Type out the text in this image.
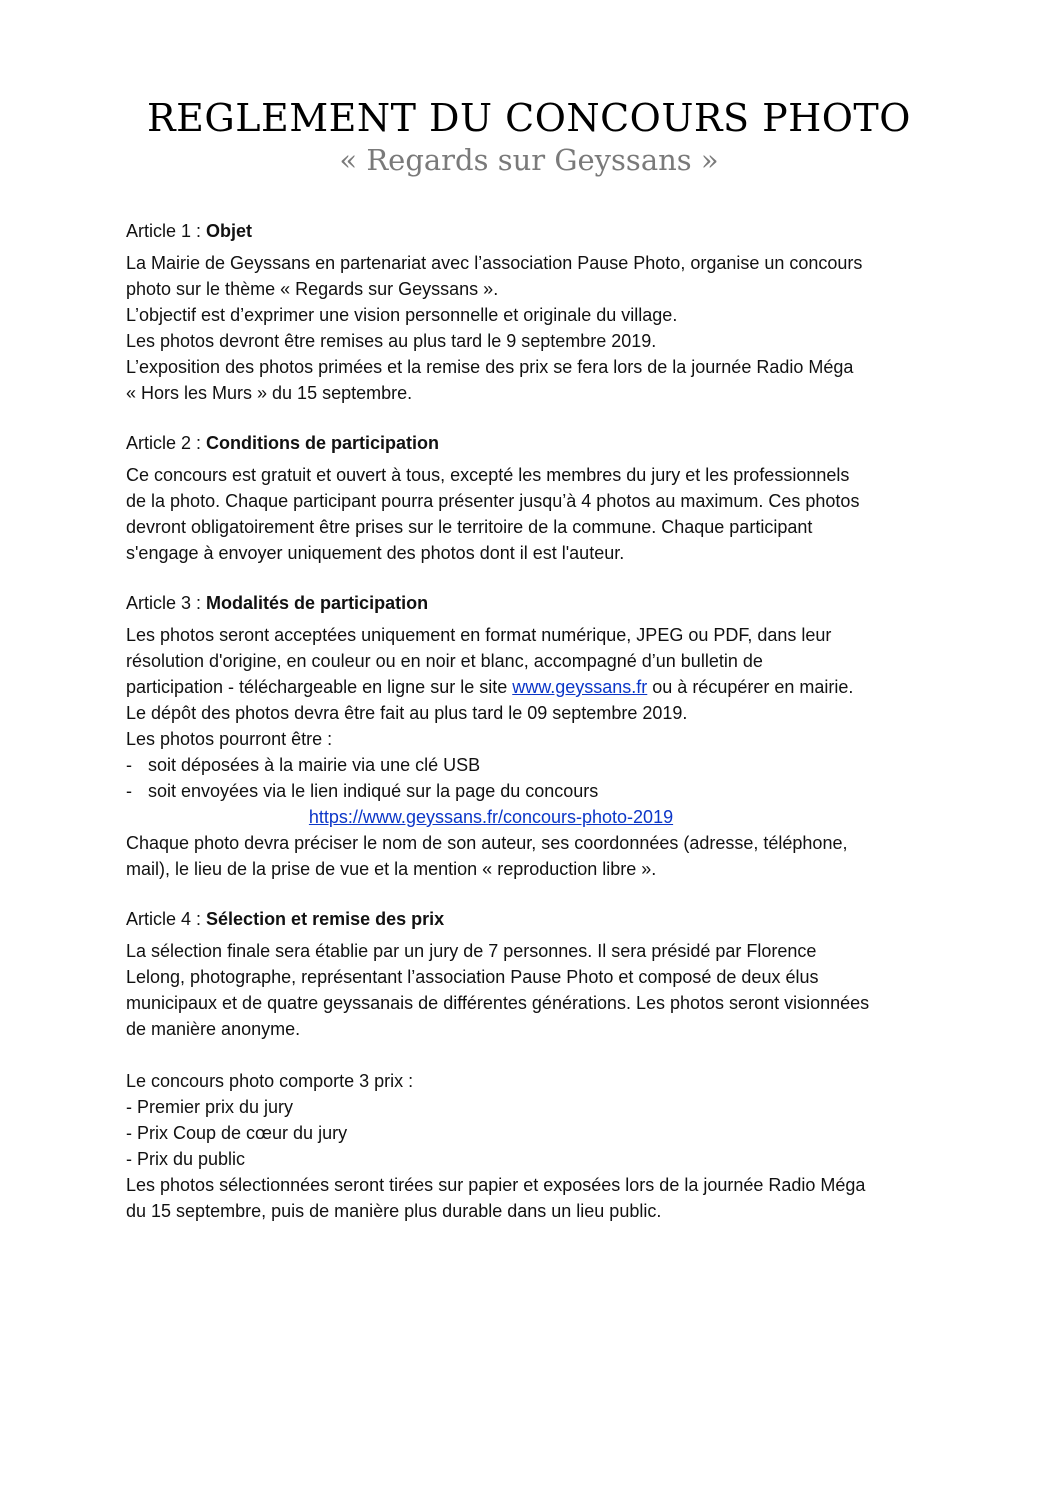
REGLEMENT DU CONCOURS PHOTO
« Regards sur Geyssans »
Article 1 : Objet
La Mairie de Geyssans en partenariat avec l’association Pause Photo, organise un concours
photo sur le thème « Regards sur Geyssans ».
L’objectif est d’exprimer une vision personnelle et originale du village.
Les photos devront être remises au plus tard le 9 septembre 2019.
L’exposition des photos primées et la remise des prix se fera lors de la journée Radio Méga
« Hors les Murs » du 15 septembre.
Article 2 : Conditions de participation
Ce concours est gratuit et ouvert à tous, excepté les membres du jury et les professionnels
de la photo. Chaque participant pourra présenter jusqu’à 4 photos au maximum. Ces photos
devront obligatoirement être prises sur le territoire de la commune. Chaque participant
s'engage à envoyer uniquement des photos dont il est l'auteur.
Article 3 : Modalités de participation
Les photos seront acceptées uniquement en format numérique, JPEG ou PDF, dans leur
résolution d'origine, en couleur ou en noir et blanc, accompagné d’un bulletin de
participation - téléchargeable en ligne sur le site www.geyssans.fr ou à récupérer en mairie.
Le dépôt des photos devra être fait au plus tard le 09 septembre 2019.
Les photos pourront être :
- soit déposées à la mairie via une clé USB
- soit envoyées via le lien indiqué sur la page du concours
https://www.geyssans.fr/concours-photo-2019
Chaque photo devra préciser le nom de son auteur, ses coordonnées (adresse, téléphone,
mail), le lieu de la prise de vue et la mention « reproduction libre ».
Article 4 : Sélection et remise des prix
La sélection finale sera établie par un jury de 7 personnes. Il sera présidé par Florence
Lelong, photographe, représentant l’association Pause Photo et composé de deux élus
municipaux et de quatre geyssanais de différentes générations. Les photos seront visionnées
de manière anonyme.
Le concours photo comporte 3 prix :
- Premier prix du jury
- Prix Coup de cœur du jury
- Prix du public
Les photos sélectionnées seront tirées sur papier et exposées lors de la journée Radio Méga
du 15 septembre, puis de manière plus durable dans un lieu public.
